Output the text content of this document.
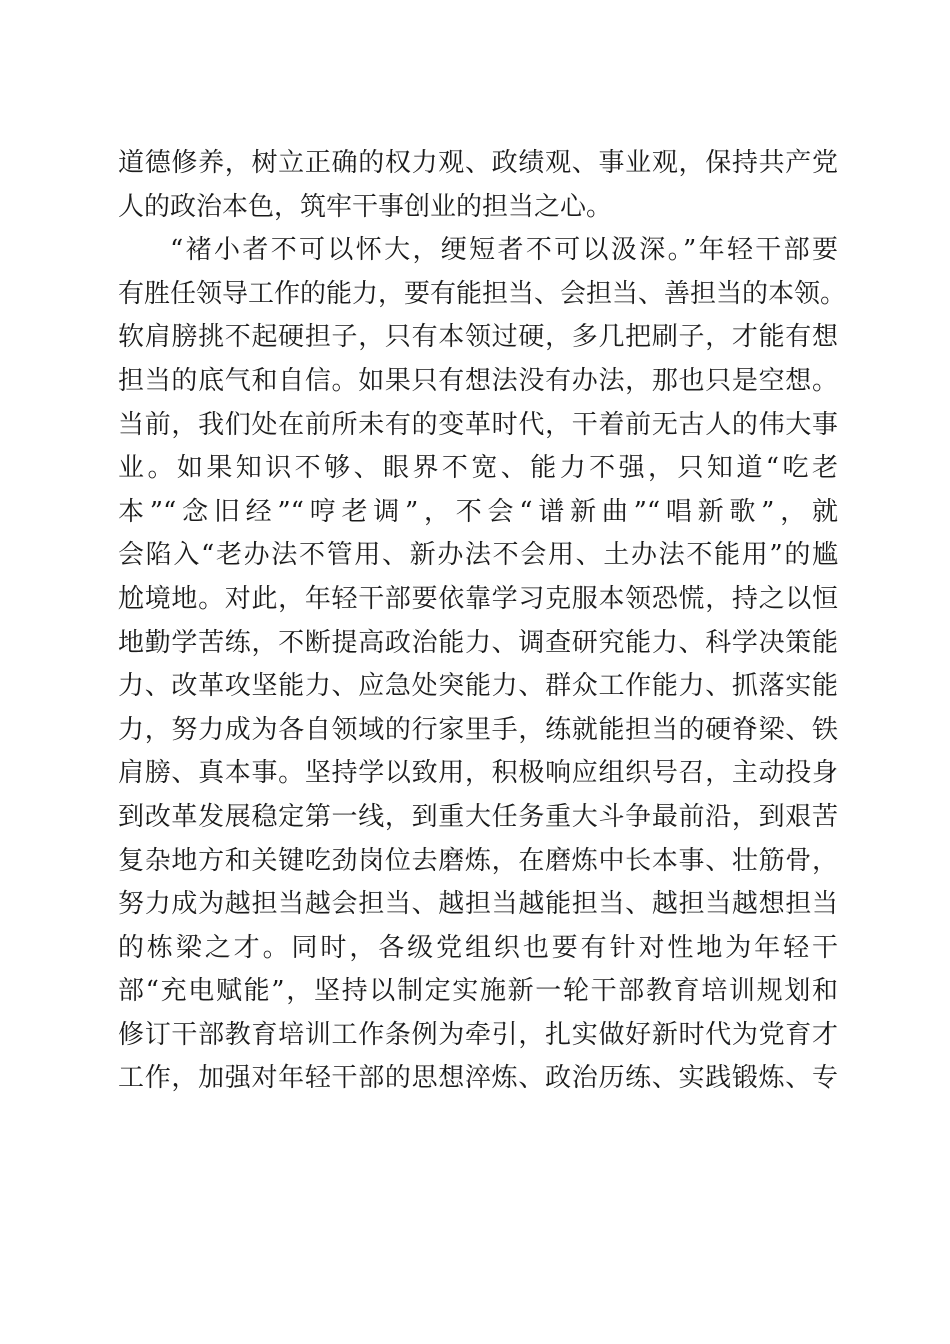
道德修养，树立正确的权力观、政绩观、事业观，保持共产党
人的政治本色，筑牢干事创业的担当之心。
“褚小者不可以怀大，绠短者不可以汲深。”年轻干部要
有胜任领导工作的能力，要有能担当、会担当、善担当的本领。
软肩膀挑不起硬担子，只有本领过硬，多几把刷子，才能有想
担当的底气和自信。如果只有想法没有办法，那也只是空想。
当前，我们处在前所未有的变革时代，干着前无古人的伟大事
业。如果知识不够、眼界不宽、能力不强，只知道“吃老
本”“念旧经”“哼老调”，不会“谱新曲”“唱新歌”，就
会陷入“老办法不管用、新办法不会用、土办法不能用”的尴
尬境地。对此，年轻干部要依靠学习克服本领恐慌，持之以恒
地勤学苦练，不断提高政治能力、调查研究能力、科学决策能
力、改革攻坚能力、应急处突能力、群众工作能力、抓落实能
力，努力成为各自领域的行家里手，练就能担当的硬脊梁、铁
肩膀、真本事。坚持学以致用，积极响应组织号召，主动投身
到改革发展稳定第一线，到重大任务重大斗争最前沿，到艰苦
复杂地方和关键吃劲岗位去磨炼，在磨炼中长本事、壮筋骨，
努力成为越担当越会担当、越担当越能担当、越担当越想担当
的栋梁之才。同时，各级党组织也要有针对性地为年轻干
部“充电赋能”，坚持以制定实施新一轮干部教育培训规划和
修订干部教育培训工作条例为牵引，扎实做好新时代为党育才
工作，加强对年轻干部的思想淬炼、政治历练、实践锻炼、专
